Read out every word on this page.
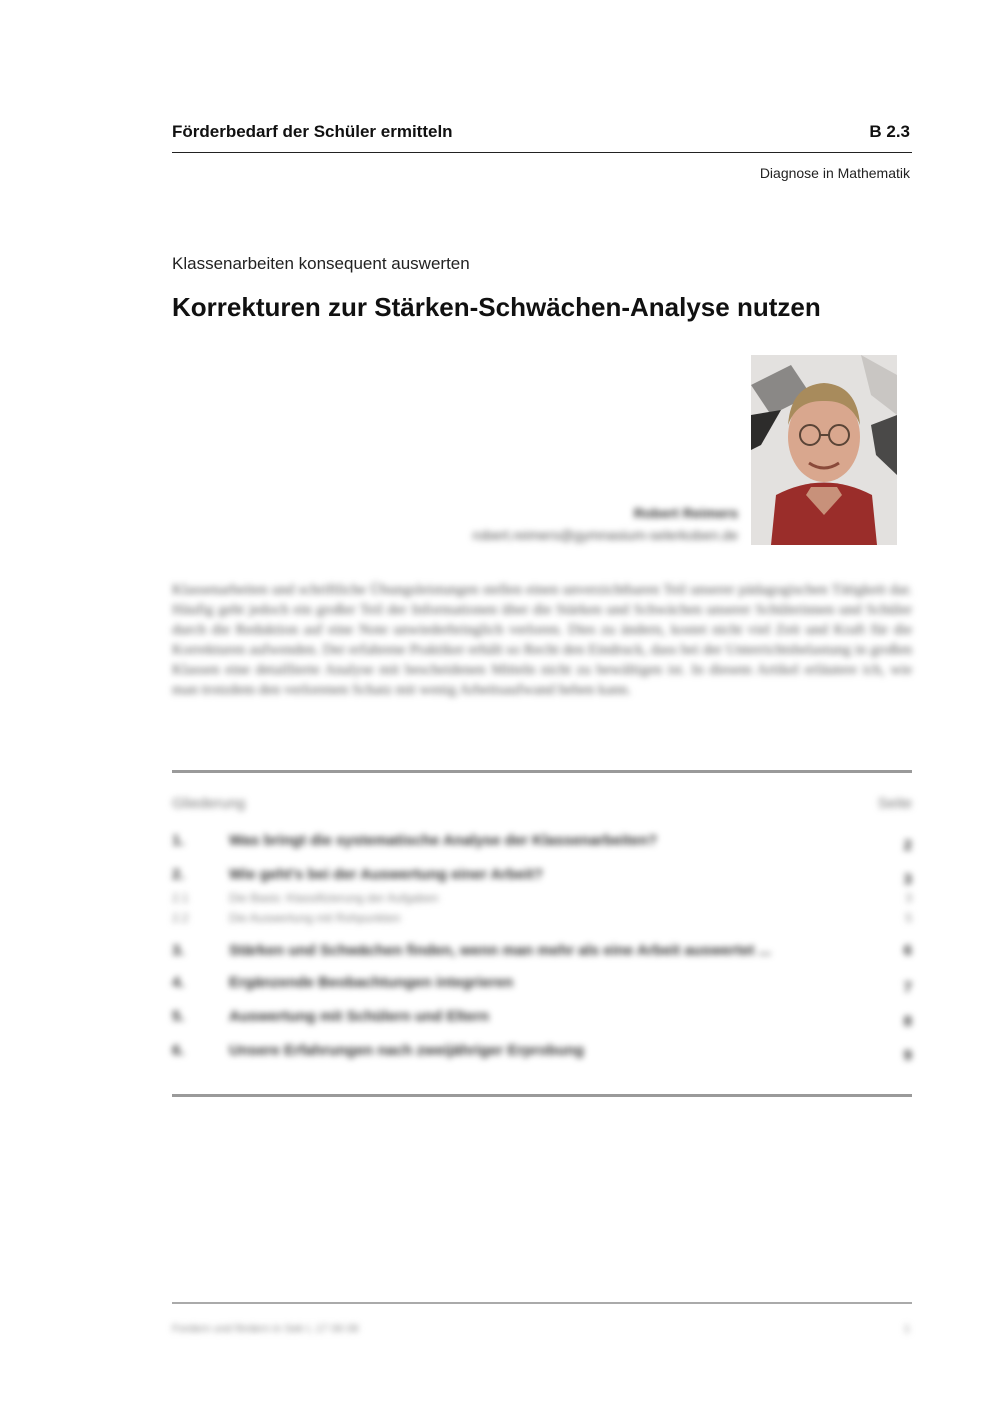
Förderbedarf der Schüler ermitteln	B 2.3
Diagnose in Mathematik
Klassenarbeiten konsequent auswerten
Korrekturen zur Stärken-Schwächen-Analyse nutzen
Robert Reimers
robert.reimers@gymnasium-selerkoben.de
Klassenarbeiten und schriftliche Übungsleistungen stellen einen unverzichtbaren Teil unserer pädagogischen Tätigkeit dar. Häufig geht jedoch ein großer Teil der Informationen über die Stärken und Schwächen unserer Schülerinnen und Schüler durch die Reduktion auf eine Note unwiederbringlich verloren. Dies zu ändern, kostet nicht viel Zeit und Kraft für die Korrekturen aufwenden. Der erfahrene Praktiker erhält so Recht den Eindruck, dass bei der Unterrichtsbelastung in großen Klassen eine detaillierte Analyse mit bescheidenen Mitteln nicht zu bewältigen ist. In diesem Artikel erläutere ich, wie man trotzdem den verlorenen Schatz mit wenig Arbeitsaufwand heben kann.
Gliederung	Seite
1.	Was bringt die systematische Analyse der Klassenarbeiten?	2
2.	Wie geht's bei der Auswertung einer Arbeit?	3
2.1	Die Basis: Klassifizierung der Aufgaben	3
2.2	Die Auswertung mit Rohpunkten	5
3.	Stärken und Schwächen finden, wenn man mehr als eine Arbeit auswertet ...	6
4.	Ergänzende Beobachtungen integrieren	7
5.	Auswertung mit Schülern und Eltern	8
6.	Unsere Erfahrungen nach zweijähriger Erprobung	9
Fordern und fördern in Sek I, 17 06 08	1
